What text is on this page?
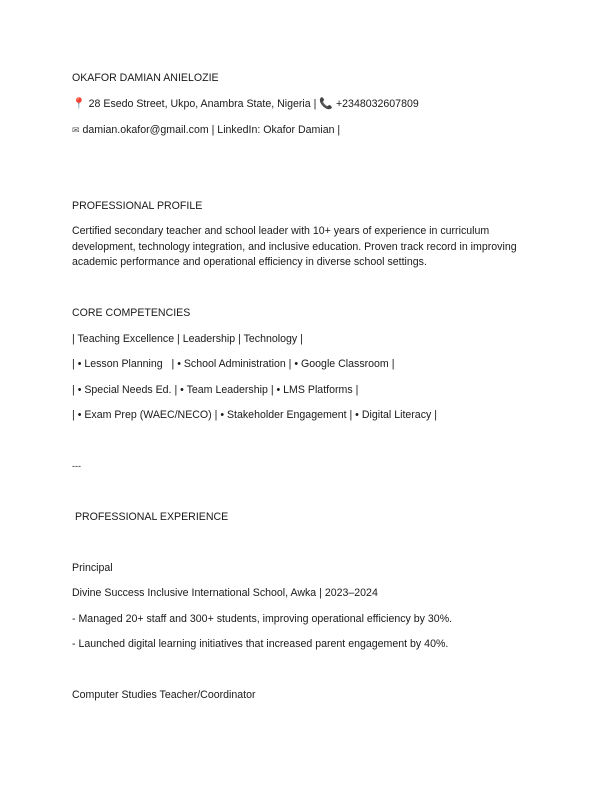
OKAFOR DAMIAN ANIELOZIE
📍 28 Esedo Street, Ukpo, Anambra State, Nigeria | 📞 +2348032607809
✉ damian.okafor@gmail.com | LinkedIn: Okafor Damian |
PROFESSIONAL PROFILE
Certified secondary teacher and school leader with 10+ years of experience in curriculum development, technology integration, and inclusive education. Proven track record in improving academic performance and operational efficiency in diverse school settings.
CORE COMPETENCIES
| Teaching Excellence | Leadership | Technology |
| • Lesson Planning   | • School Administration | • Google Classroom |
| • Special Needs Ed. | • Team Leadership | • LMS Platforms |
| • Exam Prep (WAEC/NECO) | • Stakeholder Engagement | • Digital Literacy |
---
PROFESSIONAL EXPERIENCE
Principal
Divine Success Inclusive International School, Awka | 2023–2024
- Managed 20+ staff and 300+ students, improving operational efficiency by 30%.
- Launched digital learning initiatives that increased parent engagement by 40%.
Computer Studies Teacher/Coordinator
